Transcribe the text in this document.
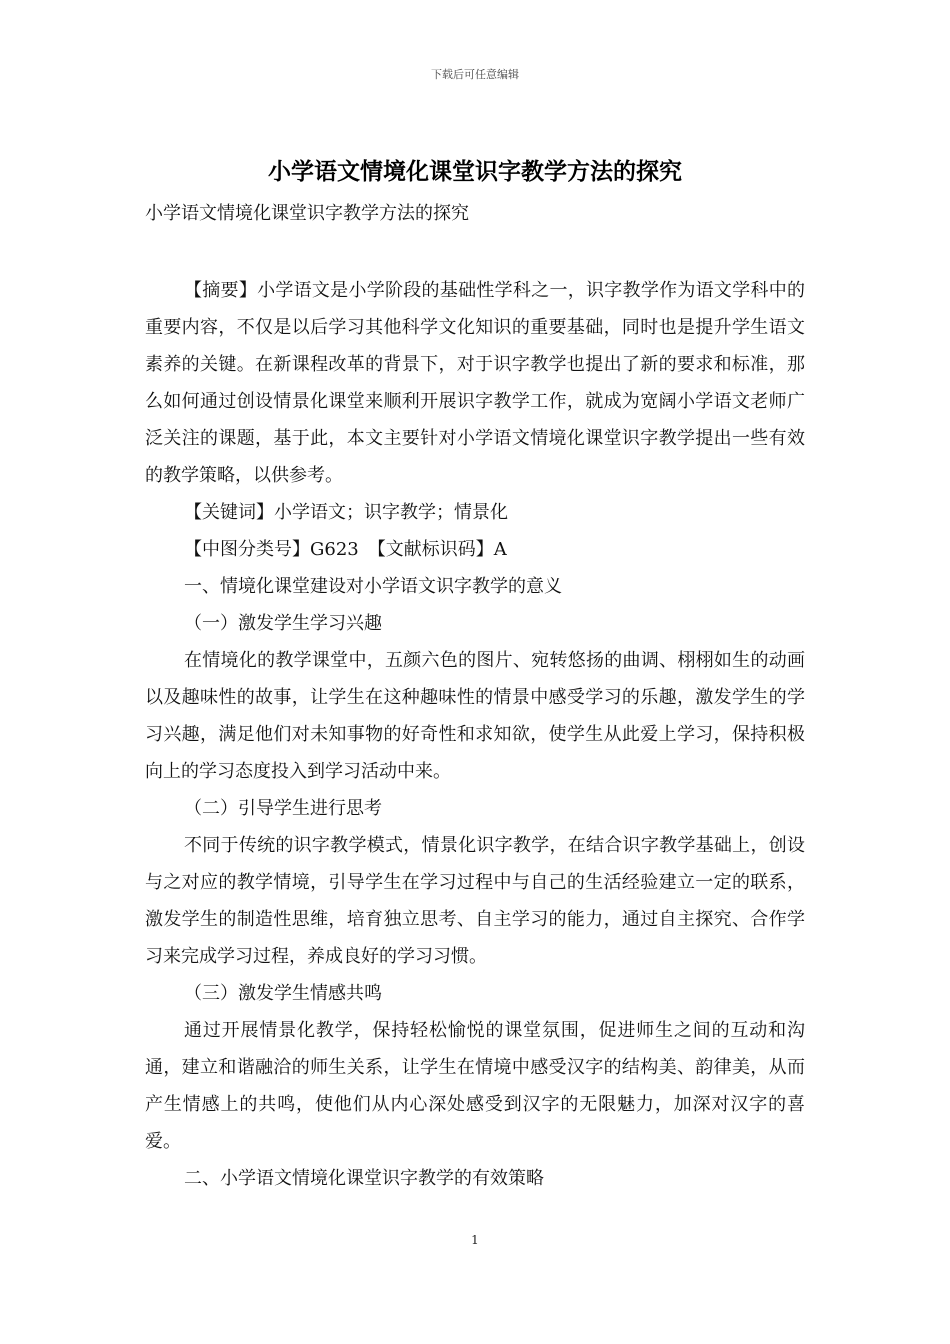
下载后可任意编辑
小学语文情境化课堂识字教学方法的探究
小学语文情境化课堂识字教学方法的探究

【摘要】小学语文是小学阶段的基础性学科之一，识字教学作为语文学科中的重要内容，不仅是以后学习其他科学文化知识的重要基础，同时也是提升学生语文素养的关键。在新课程改革的背景下，对于识字教学也提出了新的要求和标准，那么如何通过创设情景化课堂来顺利开展识字教学工作，就成为宽阔小学语文老师广泛关注的课题，基于此，本文主要针对小学语文情境化课堂识字教学提出一些有效的教学策略，以供参考。

【关键词】小学语文；识字教学；情景化

【中图分类号】G623　【文献标识码】A

一、情境化课堂建设对小学语文识字教学的意义

（一）激发学生学习兴趣

在情境化的教学课堂中，五颜六色的图片、宛转悠扬的曲调、栩栩如生的动画以及趣味性的故事，让学生在这种趣味性的情景中感受学习的乐趣，激发学生的学习兴趣，满足他们对未知事物的好奇性和求知欲，使学生从此爱上学习，保持积极向上的学习态度投入到学习活动中来。

（二）引导学生进行思考

不同于传统的识字教学模式，情景化识字教学，在结合识字教学基础上，创设与之对应的教学情境，引导学生在学习过程中与自己的生活经验建立一定的联系，激发学生的制造性思维，培育独立思考、自主学习的能力，通过自主探究、合作学习来完成学习过程，养成良好的学习习惯。

（三）激发学生情感共鸣

通过开展情景化教学，保持轻松愉悦的课堂氛围，促进师生之间的互动和沟通，建立和谐融洽的师生关系，让学生在情境中感受汉字的结构美、韵律美，从而产生情感上的共鸣，使他们从内心深处感受到汉字的无限魅力，加深对汉字的喜爱。

二、小学语文情境化课堂识字教学的有效策略

1
